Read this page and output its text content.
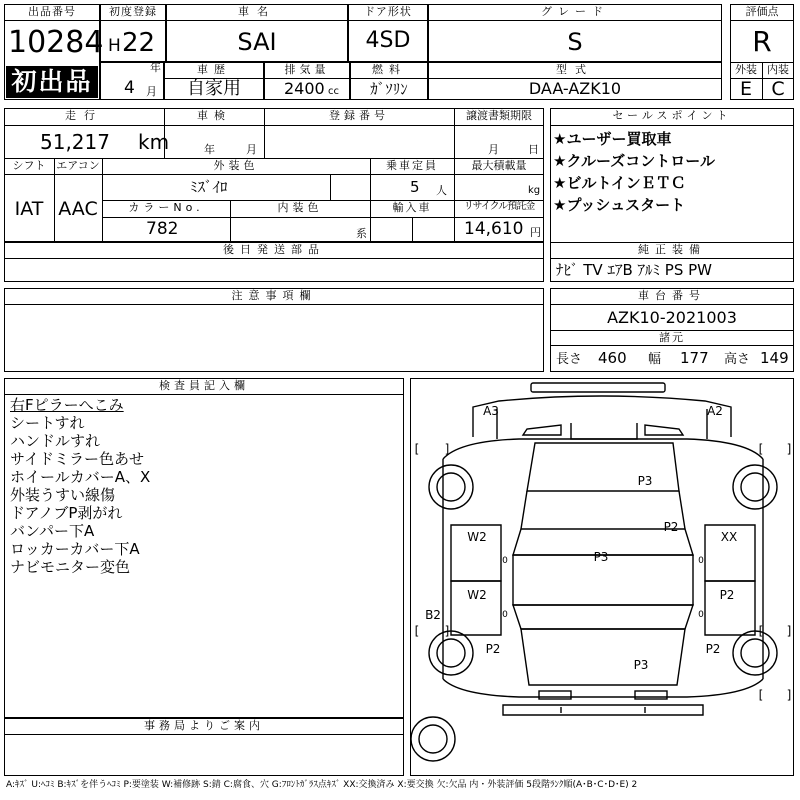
出品番号
10284
初出品
初度登録
H 22
年
車名
SAI
ドア形状
4SD
グレード
S
評価点
R
外装 内装
E	C
4 月
車歴
自家用
排気量
2400 cc
燃料
ｶﾞｿﾘﾝ
型式
DAA-AZK10
走行
51,217 km
車検
年	月
登録番号	譲渡書類期限
月	日
シフト
IAT
エアコン
AAC
外装色
ﾐｽﾞｲﾛ
乗車定員
5 人
最大積載量
kg
カラーNo.
782
内装色
系
輸入車	リサイクル預託金
14,610 円
後日発送部品
セールスポイント
★ユーザー買取車
★クルーズコントロール
★ビルトインＥＴＣ
★プッシュスタート
純正装備
ﾅﾋﾞ TV ｴｱB ｱﾙﾐ PS PW
注意事項欄	車台番号
AZK10-2021003
諸元
長さ 460 幅 177 高さ 149
検査員記入欄
右Fピラーへこみ
シートすれ
ハンドルすれ
サイドミラー色あせ
ホイールカバーA、X
外装うすい線傷
ドアノブP剥がれ
バンパー下A
ロッカーカバー下A
ナビモニター変色
事務局よりご案内
A3	A2
P3
P2
XX
W2
P3
W2	P2
B2
P2	P2
P3
[ ]	[ ]
[ ]	[ ]
[ ]
0	0
0	0
A:ｷｽﾞ U:ﾍｺﾐ B:ｷｽﾞを伴うﾍｺﾐ P:要塗装 W:補修跡 S:錆 C:腐食、穴 G:ﾌﾛﾝﾄｶﾞﾗｽ点ｷｽﾞ XX:交換済み X:要交換 欠:欠品 内・外装評価 5段階ﾗﾝｸ順(A･B･C･D･E) 2
